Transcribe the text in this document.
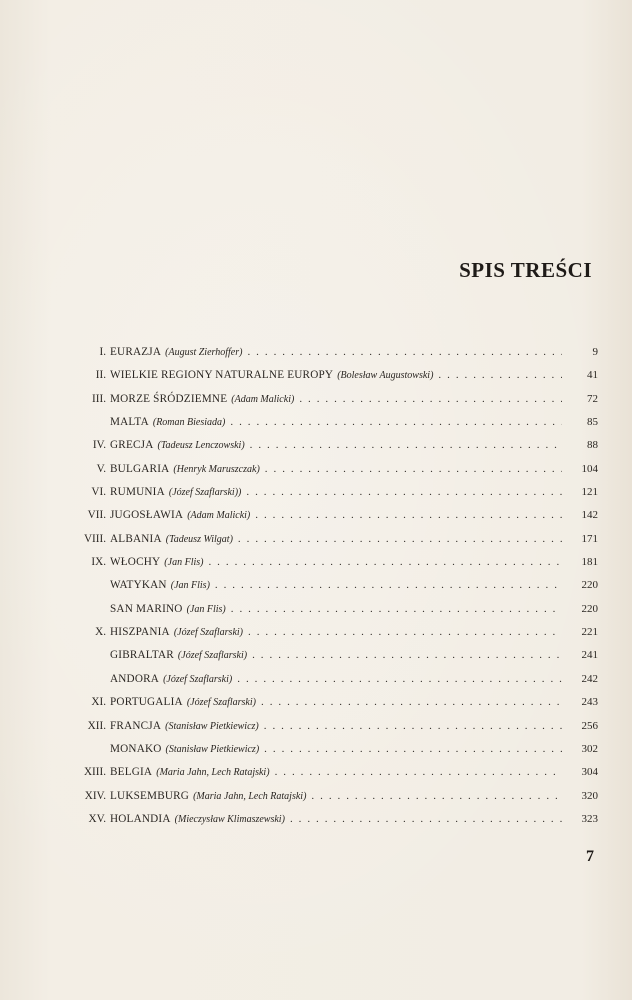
SPIS TREŚCI
I. EURAZJA (August Zierhoffer) . . .	9
II. WIELKIE REGIONY NATURALNE EUROPY (Bolesław Augustowski) . . .	41
III. MORZE ŚRÓDZIEMNE (Adam Malicki) . . .	72
MALTA (Roman Biesiada) . . .	85
IV. GRECJA (Tadeusz Lenczowski) . . .	88
V. BULGARIA (Henryk Maruszczak) . . .	104
VI. RUMUNIA (Józef Szaflarski)) . . .	121
VII. JUGOSŁAWIA (Adam Malicki) . . .	142
VIII. ALBANIA (Tadeusz Wilgat) . . .	171
IX. WŁOCHY (Jan Flis) . . .	181
WATYKAN (Jan Flis) . . .	220
SAN MARINO (Jan Flis) . . .	220
X. HISZPANIA (Józef Szaflarski) . . .	221
GIBRALTAR (Józef Szaflarski) . . .	241
ANDORA (Józef Szaflarski) . . .	242
XI. PORTUGALIA (Józef Szaflarski) . . .	243
XII. FRANCJA (Stanisław Pietkiewicz) . . .	256
MONAKO (Stanisław Pietkiewicz) . . .	302
XIII. BELGIA (Maria Jahn, Lech Ratajski) . . .	304
XIV. LUKSEMBURG (Maria Jahn, Lech Ratajski) . . .	320
XV. HOLANDIA (Mieczysław Klimaszewski) . . .	323
7
